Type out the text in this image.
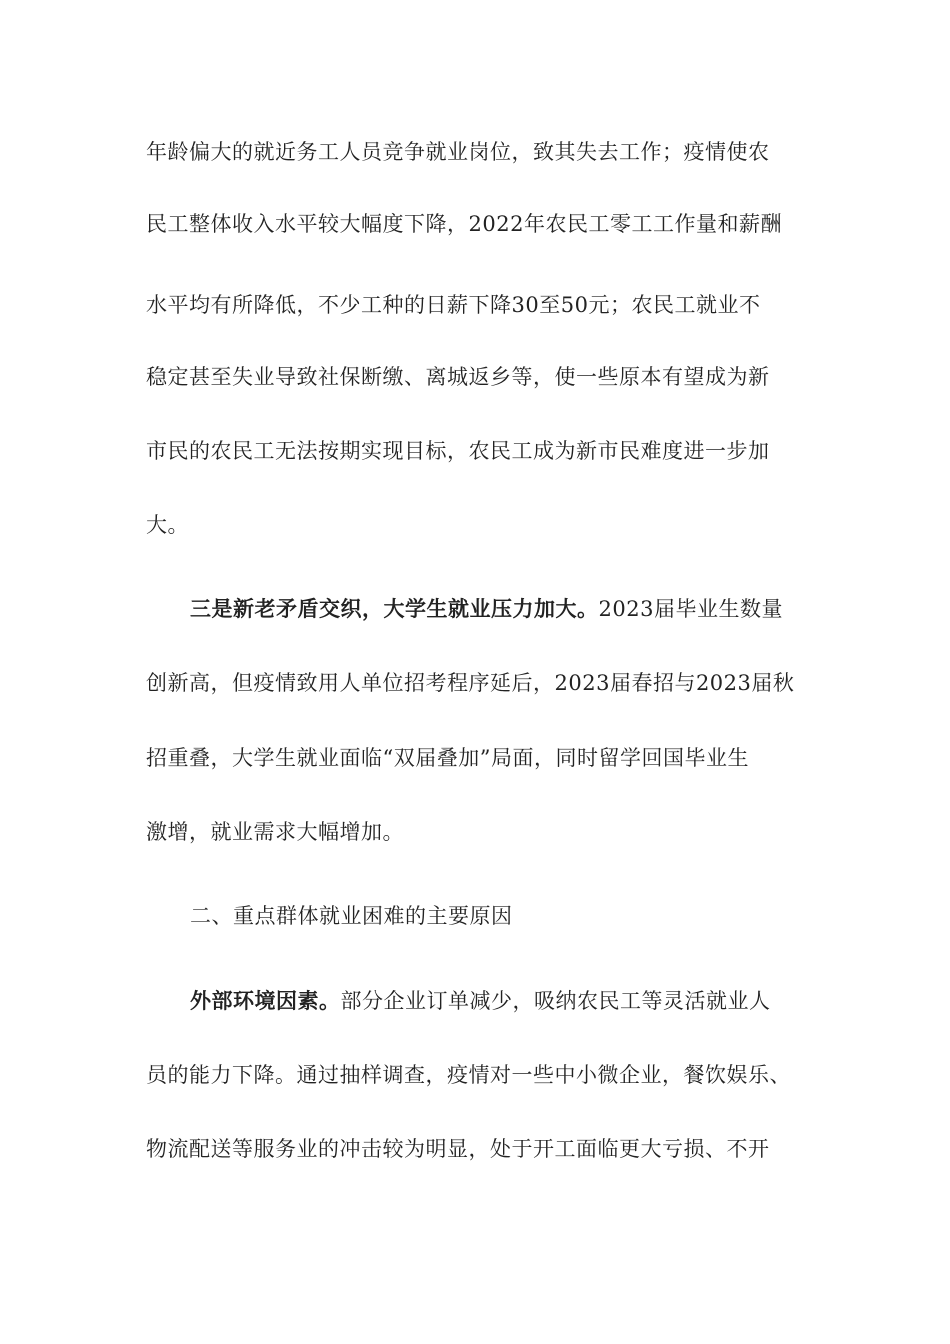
年龄偏大的就近务工人员竞争就业岗位，致其失去工作；疫情使农
民工整体收入水平较大幅度下降，2022年农民工零工工作量和薪酬
水平均有所降低，不少工种的日薪下降30至50元；农民工就业不
稳定甚至失业导致社保断缴、离城返乡等，使一些原本有望成为新
市民的农民工无法按期实现目标，农民工成为新市民难度进一步加
大。
三是新老矛盾交织，大学生就业压力加大。2023届毕业生数量
创新高，但疫情致用人单位招考程序延后，2023届春招与2023届秋
招重叠，大学生就业面临“双届叠加”局面，同时留学回国毕业生
激增，就业需求大幅增加。
二、重点群体就业困难的主要原因
外部环境因素。部分企业订单减少，吸纳农民工等灵活就业人
员的能力下降。通过抽样调查，疫情对一些中小微企业，餐饮娱乐、
物流配送等服务业的冲击较为明显，处于开工面临更大亏损、不开
